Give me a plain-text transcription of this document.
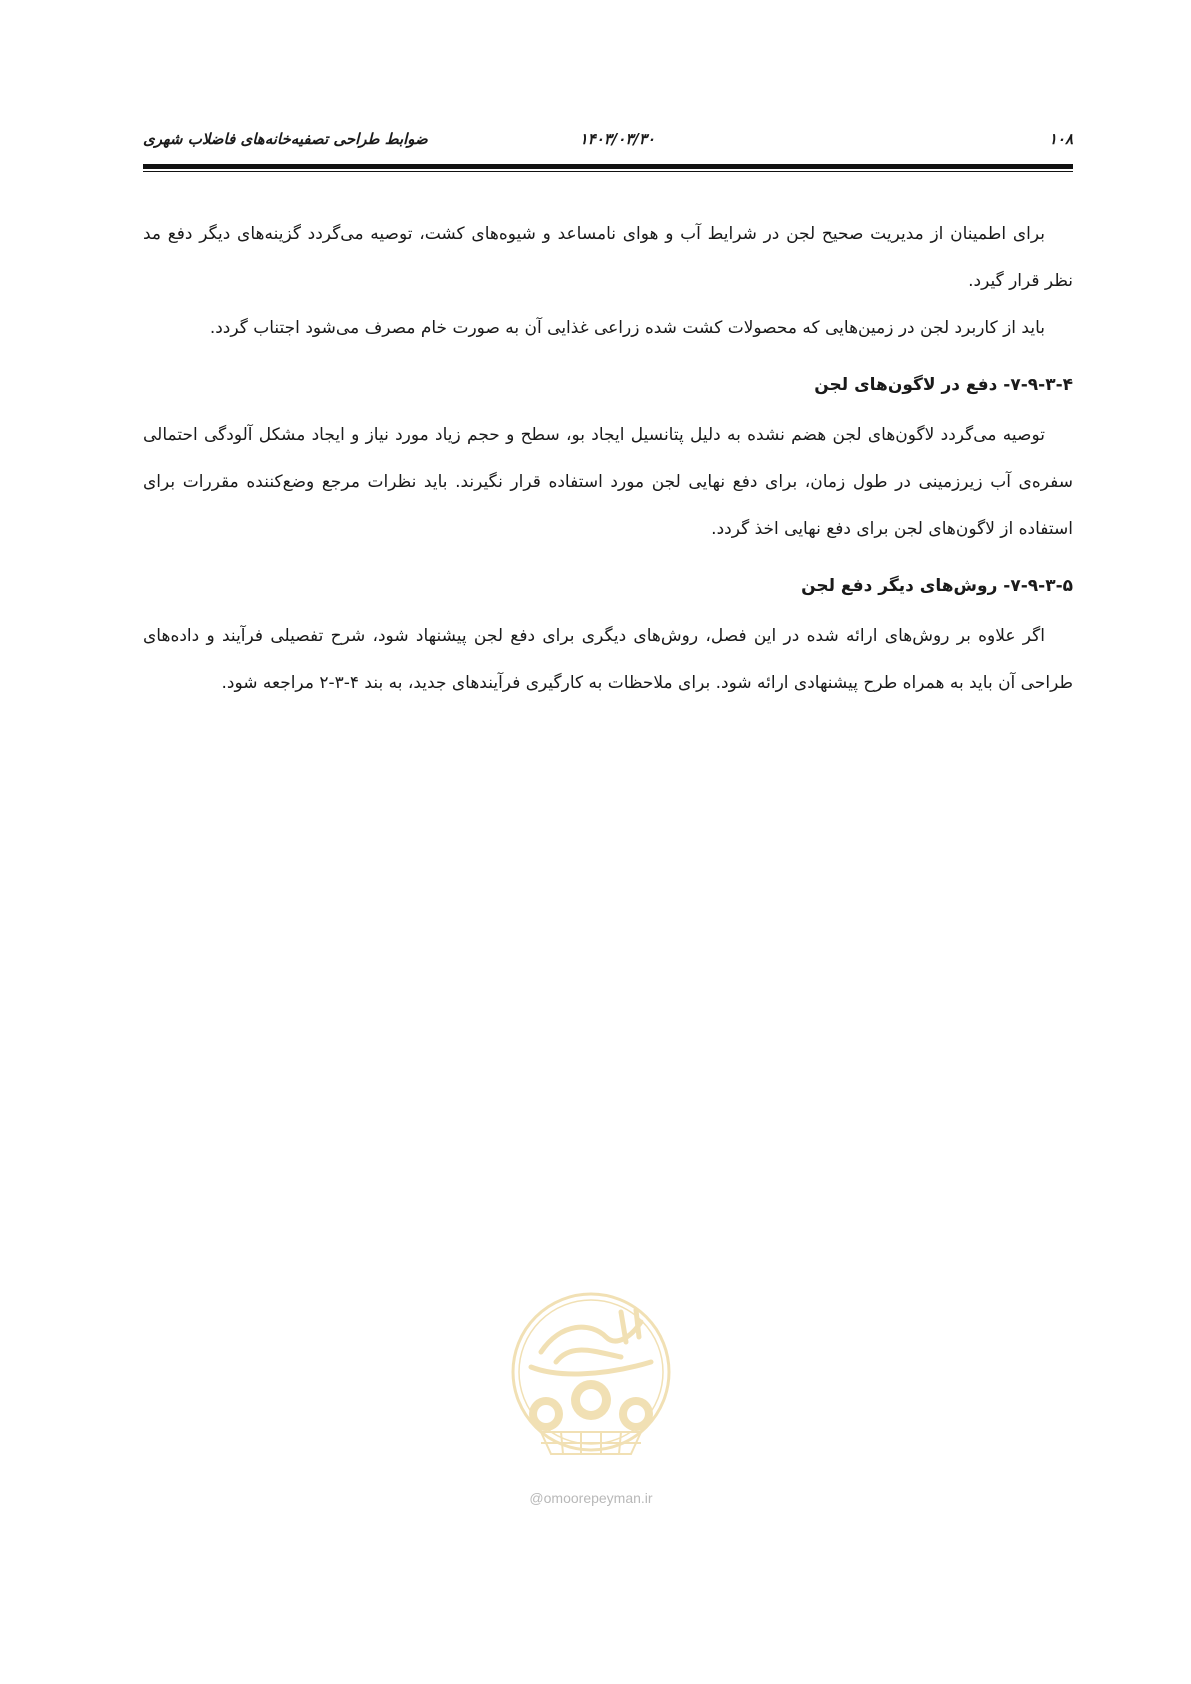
۱۰۸
۱۴۰۳/۰۳/۳۰
ضوابط طراحی تصفیه‌خانه‌های فاضلاب شهری

برای اطمینان از مدیریت صحیح لجن در شرایط آب و هوای نامساعد و شیوه‌های کشت، توصیه می‌گردد گزینه‌های دیگر دفع مد نظر قرار گیرد.

باید از کاربرد لجن در زمین‌هایی که محصولات کشت شده زراعی غذایی آن به صورت خام مصرف می‌شود اجتناب گردد.

۷-۹-۳-۴- دفع در لاگون‌های لجن

توصیه می‌گردد لاگون‌های لجن هضم نشده به دلیل پتانسیل ایجاد بو، سطح و حجم زیاد مورد نیاز و ایجاد مشکل آلودگی احتمالی سفره‌ی آب زیرزمینی در طول زمان، برای دفع نهایی لجن مورد استفاده قرار نگیرند. باید نظرات مرجع وضع‌کننده مقررات برای استفاده از لاگون‌های لجن برای دفع نهایی اخذ گردد.

۷-۹-۳-۵- روش‌های دیگر دفع لجن

اگر علاوه بر روش‌های ارائه شده در این فصل، روش‌های دیگری برای دفع لجن پیشنهاد شود، شرح تفصیلی فرآیند و داده‌های طراحی آن باید به همراه طرح پیشنهادی ارائه شود. برای ملاحظات به کارگیری فرآیندهای جدید، به بند ۴-۳-۲ مراجعه شود.

@omoorepeyman.ir
